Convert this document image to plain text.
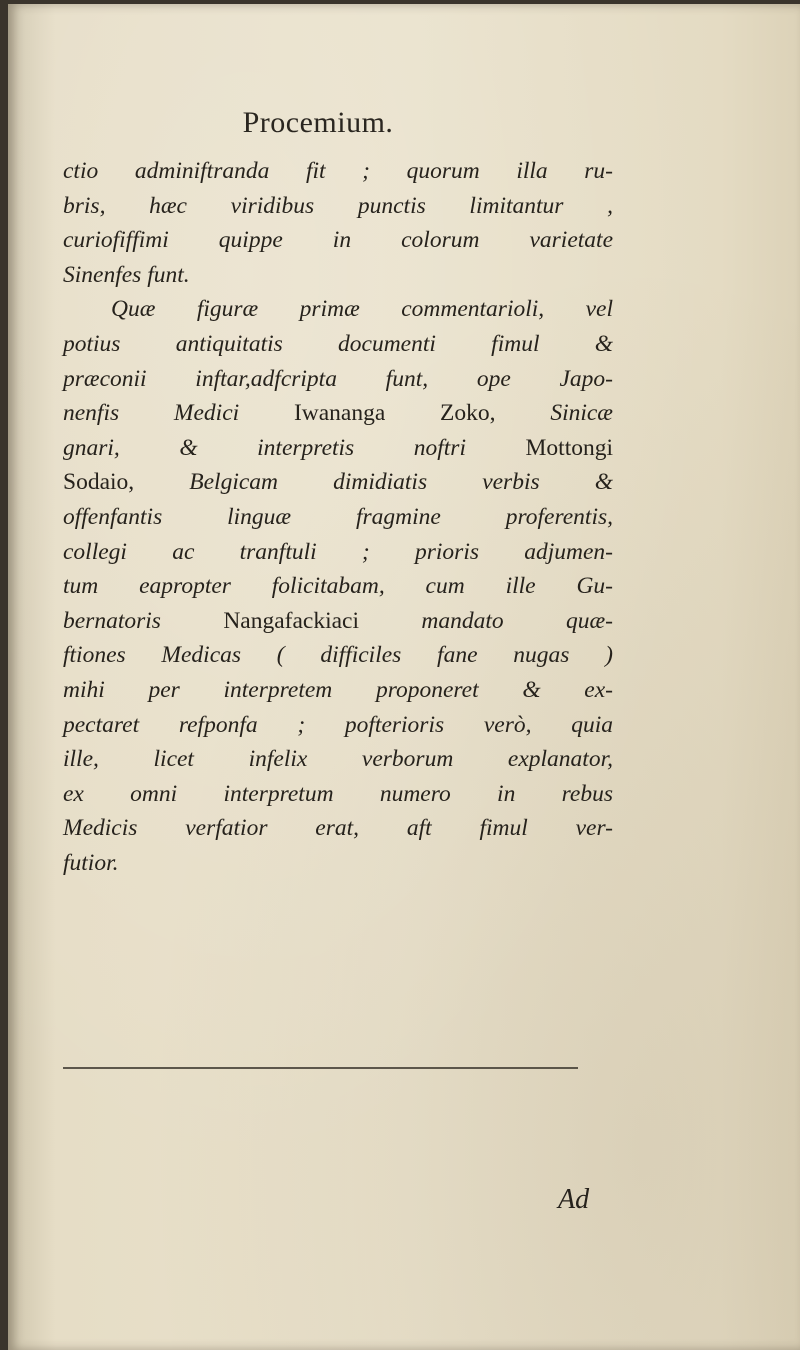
Procemium.
ctio adminiftranda fit ; quorum illa ru-
bris, hæc viridibus punctis limitantur ,
curiofiffimi quippe in colorum varietate
Sinenfes funt.
Quæ figuræ primæ commentarioli, vel
potius antiquitatis documenti fimul &
præconii inftar,adfcripta funt, ope Japo-
nenfis Medici Iwananga Zoko, Sinicæ
gnari, & interpretis noftri Mottongi
Sodaio, Belgicam dimidiatis verbis &
offenfantis linguæ fragmine proferentis,
collegi ac tranftuli ; prioris adjumen-
tum eapropter folicitabam, cum ille Gu-
bernatoris Nangafackiaci mandato quæ-
ftiones Medicas ( difficiles fane nugas )
mihi per interpretem proponeret & ex-
pectaret refponfa ; pofterioris verò, quia
ille, licet infelix verborum explanator,
ex omni interpretum numero in rebus
Medicis verfatior erat, aft fimul ver-
futior.
Ad
